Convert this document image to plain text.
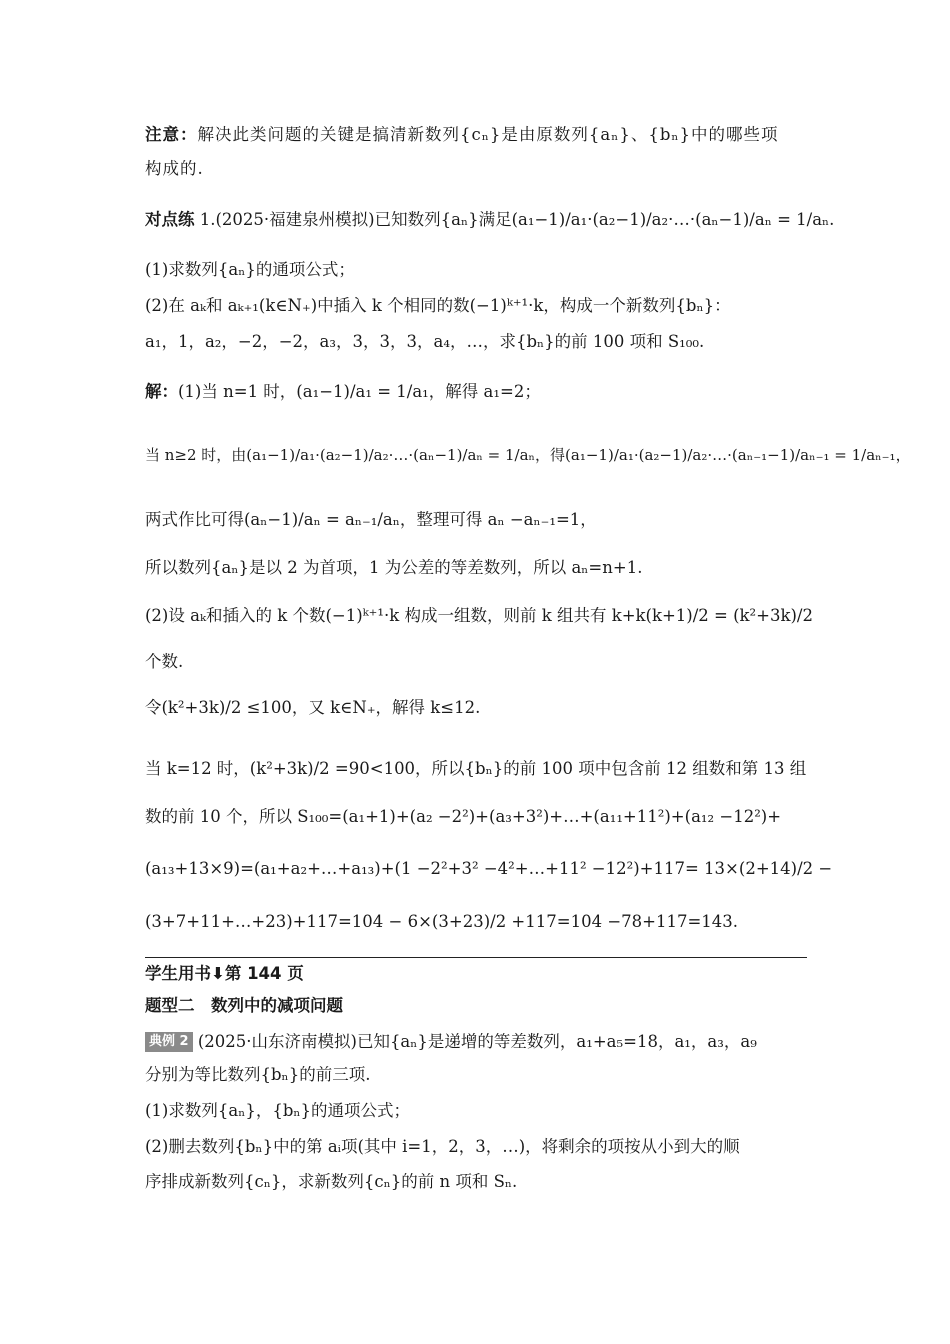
注意：解决此类问题的关键是搞清新数列{cₙ}是由原数列{aₙ}、{bₙ}中的哪些项
构成的.
对点练 1.(2025·福建泉州模拟)已知数列{aₙ}满足(a₁−1)/a₁·(a₂−1)/a₂·…·(aₙ−1)/aₙ = 1/aₙ.
(1)求数列{aₙ}的通项公式；
(2)在 aₖ和 aₖ₊₁(k∈N₊)中插入 k 个相同的数(−1)ᵏ⁺¹·k，构成一个新数列{bₙ}：
a₁，1，a₂，−2，−2，a₃，3，3，3，a₄，…，求{bₙ}的前 100 项和 S₁₀₀.
解：(1)当 n=1 时，(a₁−1)/a₁ = 1/a₁，解得 a₁=2；
当 n≥2 时，由(a₁−1)/a₁·(a₂−1)/a₂·…·(aₙ−1)/aₙ = 1/aₙ，得(a₁−1)/a₁·(a₂−1)/a₂·…·(aₙ₋₁−1)/aₙ₋₁ = 1/aₙ₋₁，
两式作比可得(aₙ−1)/aₙ = aₙ₋₁/aₙ，整理可得 aₙ −aₙ₋₁=1，
所以数列{aₙ}是以 2 为首项，1 为公差的等差数列，所以 aₙ=n+1.
(2)设 aₖ和插入的 k 个数(−1)ᵏ⁺¹·k 构成一组数，则前 k 组共有 k+k(k+1)/2 = (k²+3k)/2
个数.
令(k²+3k)/2 ≤100，又 k∈N₊，解得 k≤12.
当 k=12 时，(k²+3k)/2 =90<100，所以{bₙ}的前 100 项中包含前 12 组数和第 13 组
数的前 10 个，所以 S₁₀₀=(a₁+1)+(a₂ −2²)+(a₃+3²)+…+(a₁₁+11²)+(a₁₂ −12²)+
(a₁₃+13×9)=(a₁+a₂+…+a₁₃)+(1 −2²+3² −4²+…+11² −12²)+117= 13×(2+14)/2 −
(3+7+11+…+23)+117=104 − 6×(3+23)/2 +117=104 −78+117=143.
学生用书⬇第 144 页
题型二　数列中的减项问题
典例 2 (2025·山东济南模拟)已知{aₙ}是递增的等差数列，a₁+a₅=18，a₁，a₃，a₉
分别为等比数列{bₙ}的前三项.
(1)求数列{aₙ}，{bₙ}的通项公式；
(2)删去数列{bₙ}中的第 aᵢ项(其中 i=1，2，3，…)，将剩余的项按从小到大的顺
序排成新数列{cₙ}，求新数列{cₙ}的前 n 项和 Sₙ.
